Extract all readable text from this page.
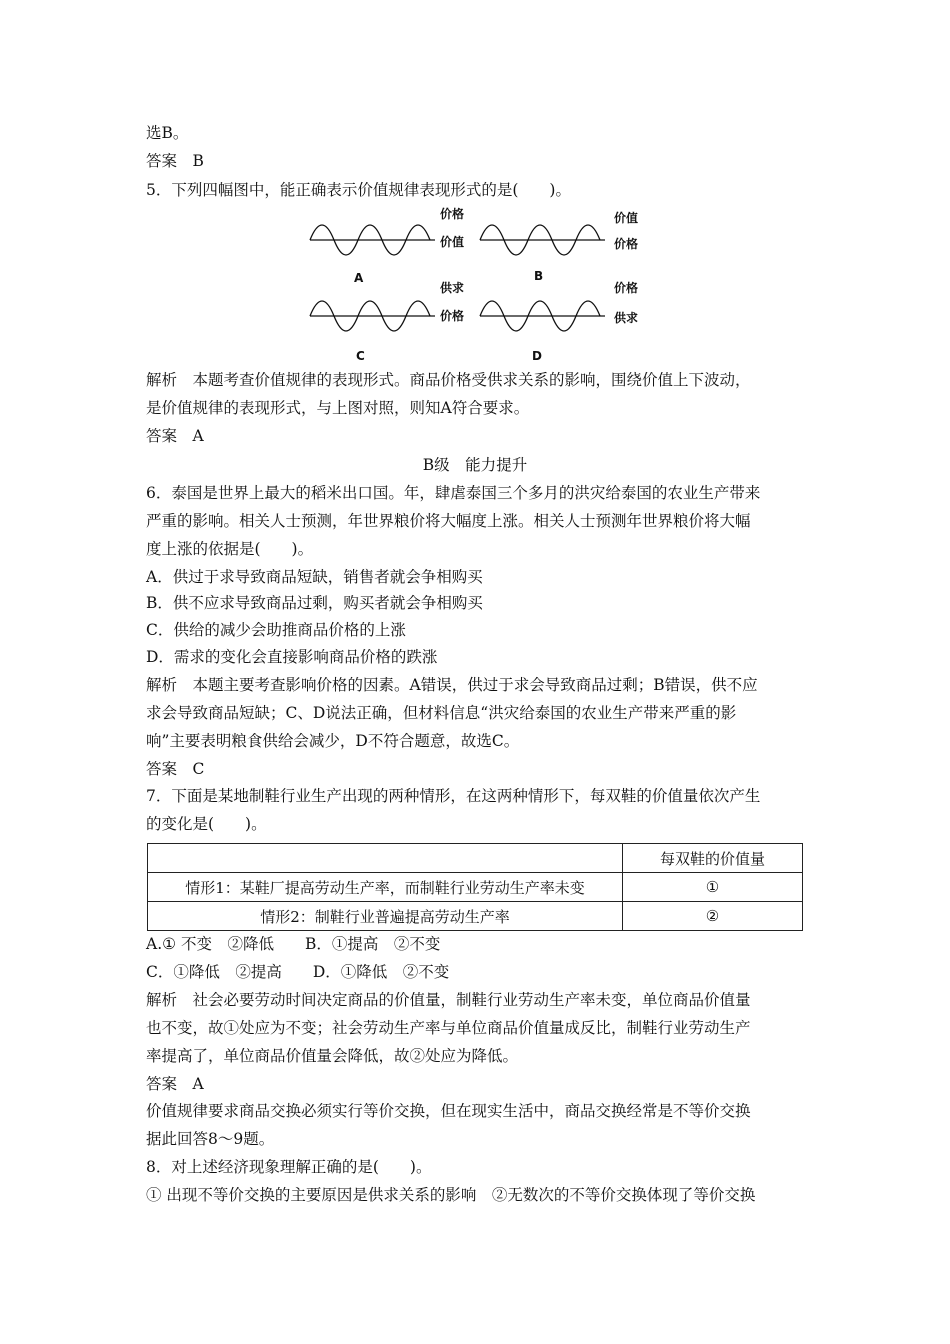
选B。
答案　B
5．下列四幅图中，能正确表示价值规律表现形式的是(　　)。
价格
价值
A
价值
价格
B
供求
价格
C
价格
供求
D
解析　本题考查价值规律的表现形式。商品价格受供求关系的影响，围绕价值上下波动，
是价值规律的表现形式，与上图对照，则知A符合要求。
答案　A
B级　能力提升
6．泰国是世界上最大的稻米出口国。年，肆虐泰国三个多月的洪灾给泰国的农业生产带来
严重的影响。相关人士预测，年世界粮价将大幅度上涨。相关人士预测年世界粮价将大幅
度上涨的依据是(　　)。
A．供过于求导致商品短缺，销售者就会争相购买
B．供不应求导致商品过剩，购买者就会争相购买
C．供给的减少会助推商品价格的上涨
D．需求的变化会直接影响商品价格的跌涨
解析　本题主要考查影响价格的因素。A错误，供过于求会导致商品过剩；B错误，供不应
求会导致商品短缺；C、D说法正确，但材料信息“洪灾给泰国的农业生产带来严重的影
响”主要表明粮食供给会减少，D不符合题意，故选C。
答案　C
7．下面是某地制鞋行业生产出现的两种情形，在这两种情形下，每双鞋的价值量依次产生
的变化是(　　)。
	每双鞋的价值量
情形1：某鞋厂提高劳动生产率，而制鞋行业劳动生产率未变	①
情形2：制鞋行业普遍提高劳动生产率	②
A.① 不变　②降低　　B．①提高　②不变
C．①降低　②提高　　D．①降低　②不变
解析　社会必要劳动时间决定商品的价值量，制鞋行业劳动生产率未变，单位商品价值量
也不变，故①处应为不变；社会劳动生产率与单位商品价值量成反比，制鞋行业劳动生产
率提高了，单位商品价值量会降低，故②处应为降低。
答案　A
价值规律要求商品交换必须实行等价交换，但在现实生活中，商品交换经常是不等价交换
据此回答8～9题。
8．对上述经济现象理解正确的是(　　)。
① 出现不等价交换的主要原因是供求关系的影响　②无数次的不等价交换体现了等价交换
